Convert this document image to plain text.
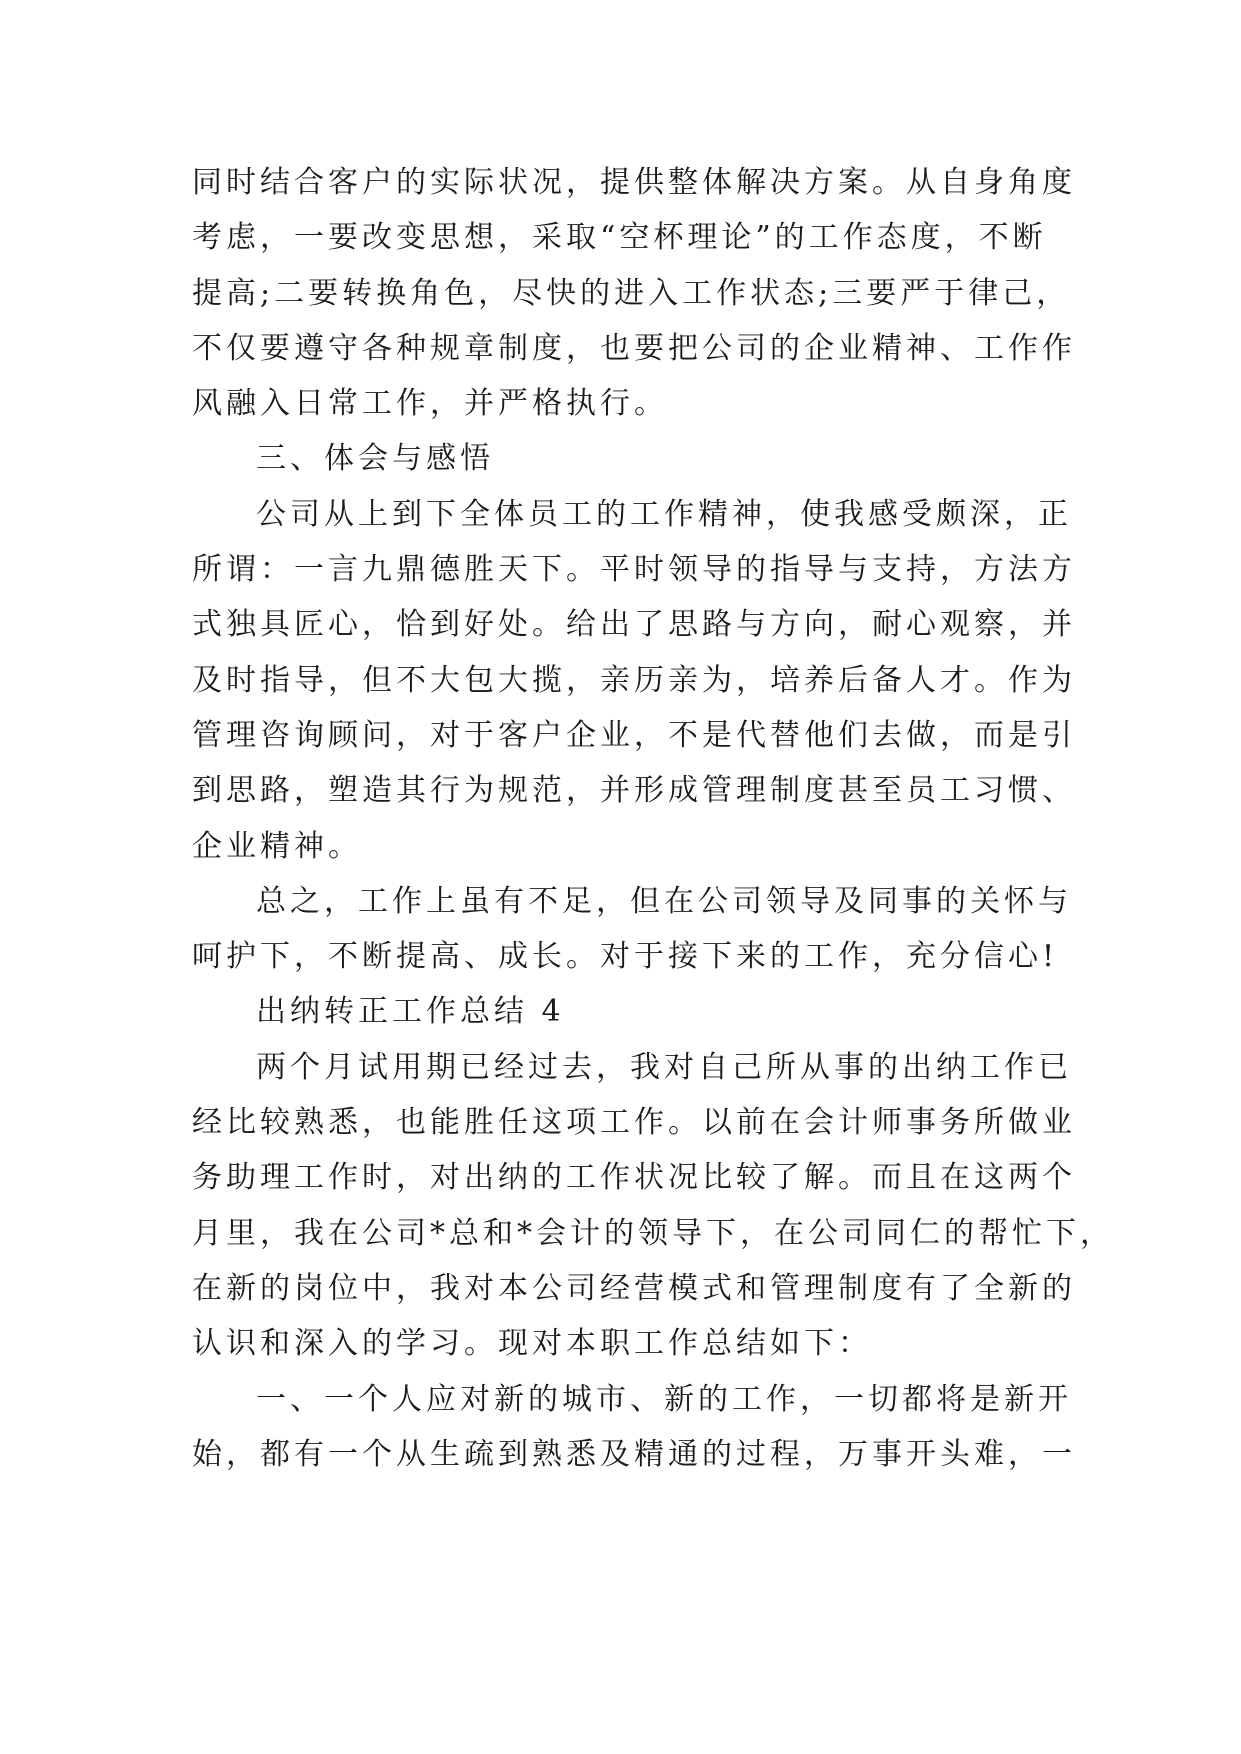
同时结合客户的实际状况，提供整体解决方案。从自身角度
考虑，一要改变思想，采取“空杯理论”的工作态度，不断
提高;二要转换角色，尽快的进入工作状态;三要严于律己，
不仅要遵守各种规章制度，也要把公司的企业精神、工作作
风融入日常工作，并严格执行。
三、体会与感悟
公司从上到下全体员工的工作精神，使我感受颇深，正
所谓：一言九鼎德胜天下。平时领导的指导与支持，方法方
式独具匠心，恰到好处。给出了思路与方向，耐心观察，并
及时指导，但不大包大揽，亲历亲为，培养后备人才。作为
管理咨询顾问，对于客户企业，不是代替他们去做，而是引
到思路，塑造其行为规范，并形成管理制度甚至员工习惯、
企业精神。
总之，工作上虽有不足，但在公司领导及同事的关怀与
呵护下，不断提高、成长。对于接下来的工作，充分信心!
出纳转正工作总结 4
两个月试用期已经过去，我对自己所从事的出纳工作已
经比较熟悉，也能胜任这项工作。以前在会计师事务所做业
务助理工作时，对出纳的工作状况比较了解。而且在这两个
月里，我在公司*总和*会计的领导下，在公司同仁的帮忙下，
在新的岗位中，我对本公司经营模式和管理制度有了全新的
认识和深入的学习。现对本职工作总结如下：
一、一个人应对新的城市、新的工作，一切都将是新开
始，都有一个从生疏到熟悉及精通的过程，万事开头难，一
